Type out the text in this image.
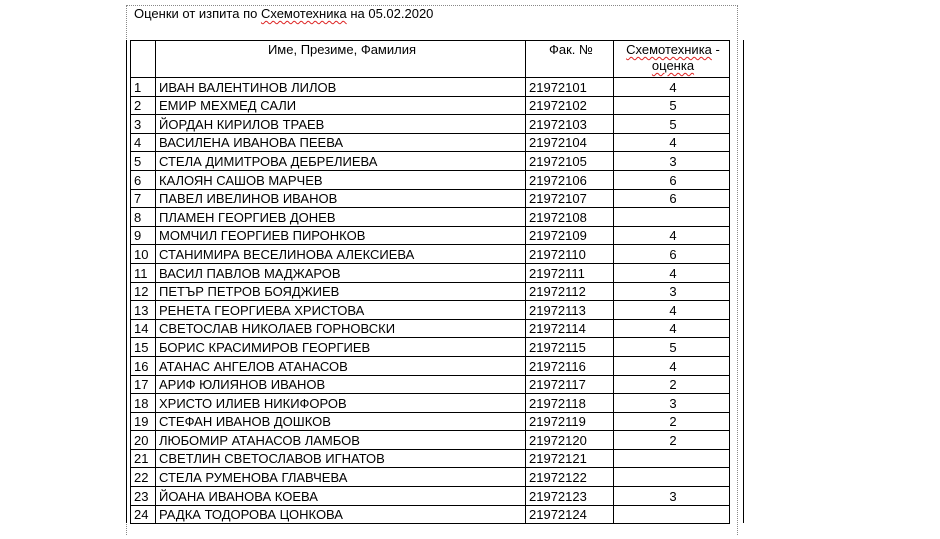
Оценки от изпита по Схемотехника на 05.02.2020
	Име, Презиме, Фамилия	Фак. №	Схемотехника -
оценка
1	ИВАН ВАЛЕНТИНОВ ЛИЛОВ	21972101	4
2	ЕМИР МЕХМЕД САЛИ	21972102	5
3	ЙОРДАН КИРИЛОВ ТРАЕВ	21972103	5
4	ВАСИЛЕНА ИВАНОВА ПЕЕВА	21972104	4
5	СТЕЛА ДИМИТРОВА ДЕБРЕЛИЕВА	21972105	3
6	КАЛОЯН САШОВ МАРЧЕВ	21972106	6
7	ПАВЕЛ ИВЕЛИНОВ ИВАНОВ	21972107	6
8	ПЛАМЕН ГЕОРГИЕВ ДОНЕВ	21972108	
9	МОМЧИЛ ГЕОРГИЕВ ПИРОНКОВ	21972109	4
10	СТАНИМИРА ВЕСЕЛИНОВА АЛЕКСИЕВА	21972110	6
11	ВАСИЛ ПАВЛОВ МАДЖАРОВ	21972111	4
12	ПЕТЪР ПЕТРОВ БОЯДЖИЕВ	21972112	3
13	РЕНЕТА ГЕОРГИЕВА ХРИСТОВА	21972113	4
14	СВЕТОСЛАВ НИКОЛАЕВ ГОРНОВСКИ	21972114	4
15	БОРИС КРАСИМИРОВ ГЕОРГИЕВ	21972115	5
16	АТАНАС АНГЕЛОВ АТАНАСОВ	21972116	4
17	АРИФ ЮЛИЯНОВ ИВАНОВ	21972117	2
18	ХРИСТО ИЛИЕВ НИКИФОРОВ	21972118	3
19	СТЕФАН ИВАНОВ ДОШКОВ	21972119	2
20	ЛЮБОМИР АТАНАСОВ ЛАМБОВ	21972120	2
21	СВЕТЛИН СВЕТОСЛАВОВ ИГНАТОВ	21972121	
22	СТЕЛА РУМЕНОВА ГЛАВЧЕВА	21972122	
23	ЙОАНА ИВАНОВА КОЕВА	21972123	3
24	РАДКА ТОДОРОВА ЦОНКОВА	21972124	
